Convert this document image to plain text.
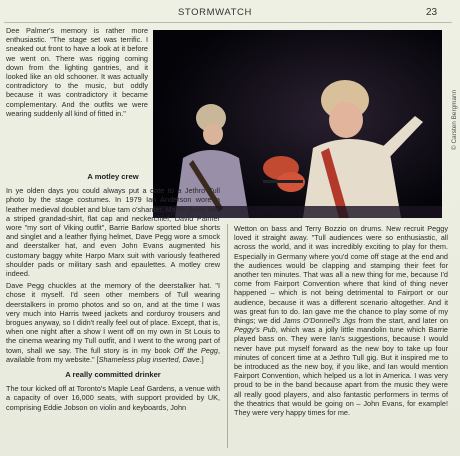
STORMWATCH	23

Dee Palmer's memory is rather more enthusiastic. "The stage set was terrific. I sneaked out front to have a look at it before we went on. There was rigging coming down from the lighting gantries, and it looked like an old schooner. It was actually contradictory to the music, but oddly because it was contradictory it became complementary. And the outfits we were wearing suddenly all kind of fitted in."	© Carsten Bergmann
A motley crew

In ye olden days you could always put a date to a Jethro Tull photo by the stage costumes. In 1979 Ian Anderson wore a leather medieval doublet and blue tam o'shanter, Martin Barre had a striped grandad-shirt, flat cap and neckerchief, David Palmer wore "my sort of Viking outfit", Barrie Barlow sported blue shorts and singlet and a leather flying helmet, Dave Pegg wore a smock and deerstalker hat, and even John Evans augmented his customary baggy white Harpo Marx suit with variously feathered shoulder pads or military sash and epaulettes. A motley crew indeed.

Dave Pegg chuckles at the memory of the deerstalker hat. "I chose it myself. I'd seen other members of Tull wearing deerstalkers in promo photos and so on, and at the time I was very much into Harris tweed jackets and corduroy trousers and brogues anyway, so I didn't really feel out of place. Except, that is, when one night after a show I went off on my own in St Louis to the cinema wearing my Tull outfit, and I went to the wrong part of town, shall we say. The full story is in my book Off the Pegg, available from my website." [Shameless plug inserted, Dave.]

A really committed drinker

The tour kicked off at Toronto's Maple Leaf Gardens, a venue with a capacity of over 16,000 seats, with support provided by UK, comprising Eddie Jobson on violin and keyboards, John

Wetton on bass and Terry Bozzio on drums. New recruit Peggy loved it straight away. "Tull audiences were so enthusiastic, all across the world, and it was incredibly exciting to play for them. Especially in Germany where you'd come off stage at the end and the audiences would be clapping and stamping their feet for another ten minutes. That was all a new thing for me, because I'd come from Fairport Convention where that kind of thing never happened – which is not being detrimental to Fairport or our audience, because it was a different scenario altogether. And it was great fun to do. Ian gave me the chance to play some of my things; we did Jams O'Donnell's Jigs from the start, and later on Peggy's Pub, which was a jolly little mandolin tune which Barrie played bass on. They were Ian's suggestions, because I would never have put myself forward as the new boy to take up four minutes of concert time at a Jethro Tull gig. But it inspired me to be introduced as the new boy, if you like, and Ian would mention Fairport Convention, which helped us a lot in America. I was very proud to be in the band because apart from the music they were all really good players, and also fantastic performers in terms of the theatrics that would be going on – John Evans, for example! They were very happy times for me.
